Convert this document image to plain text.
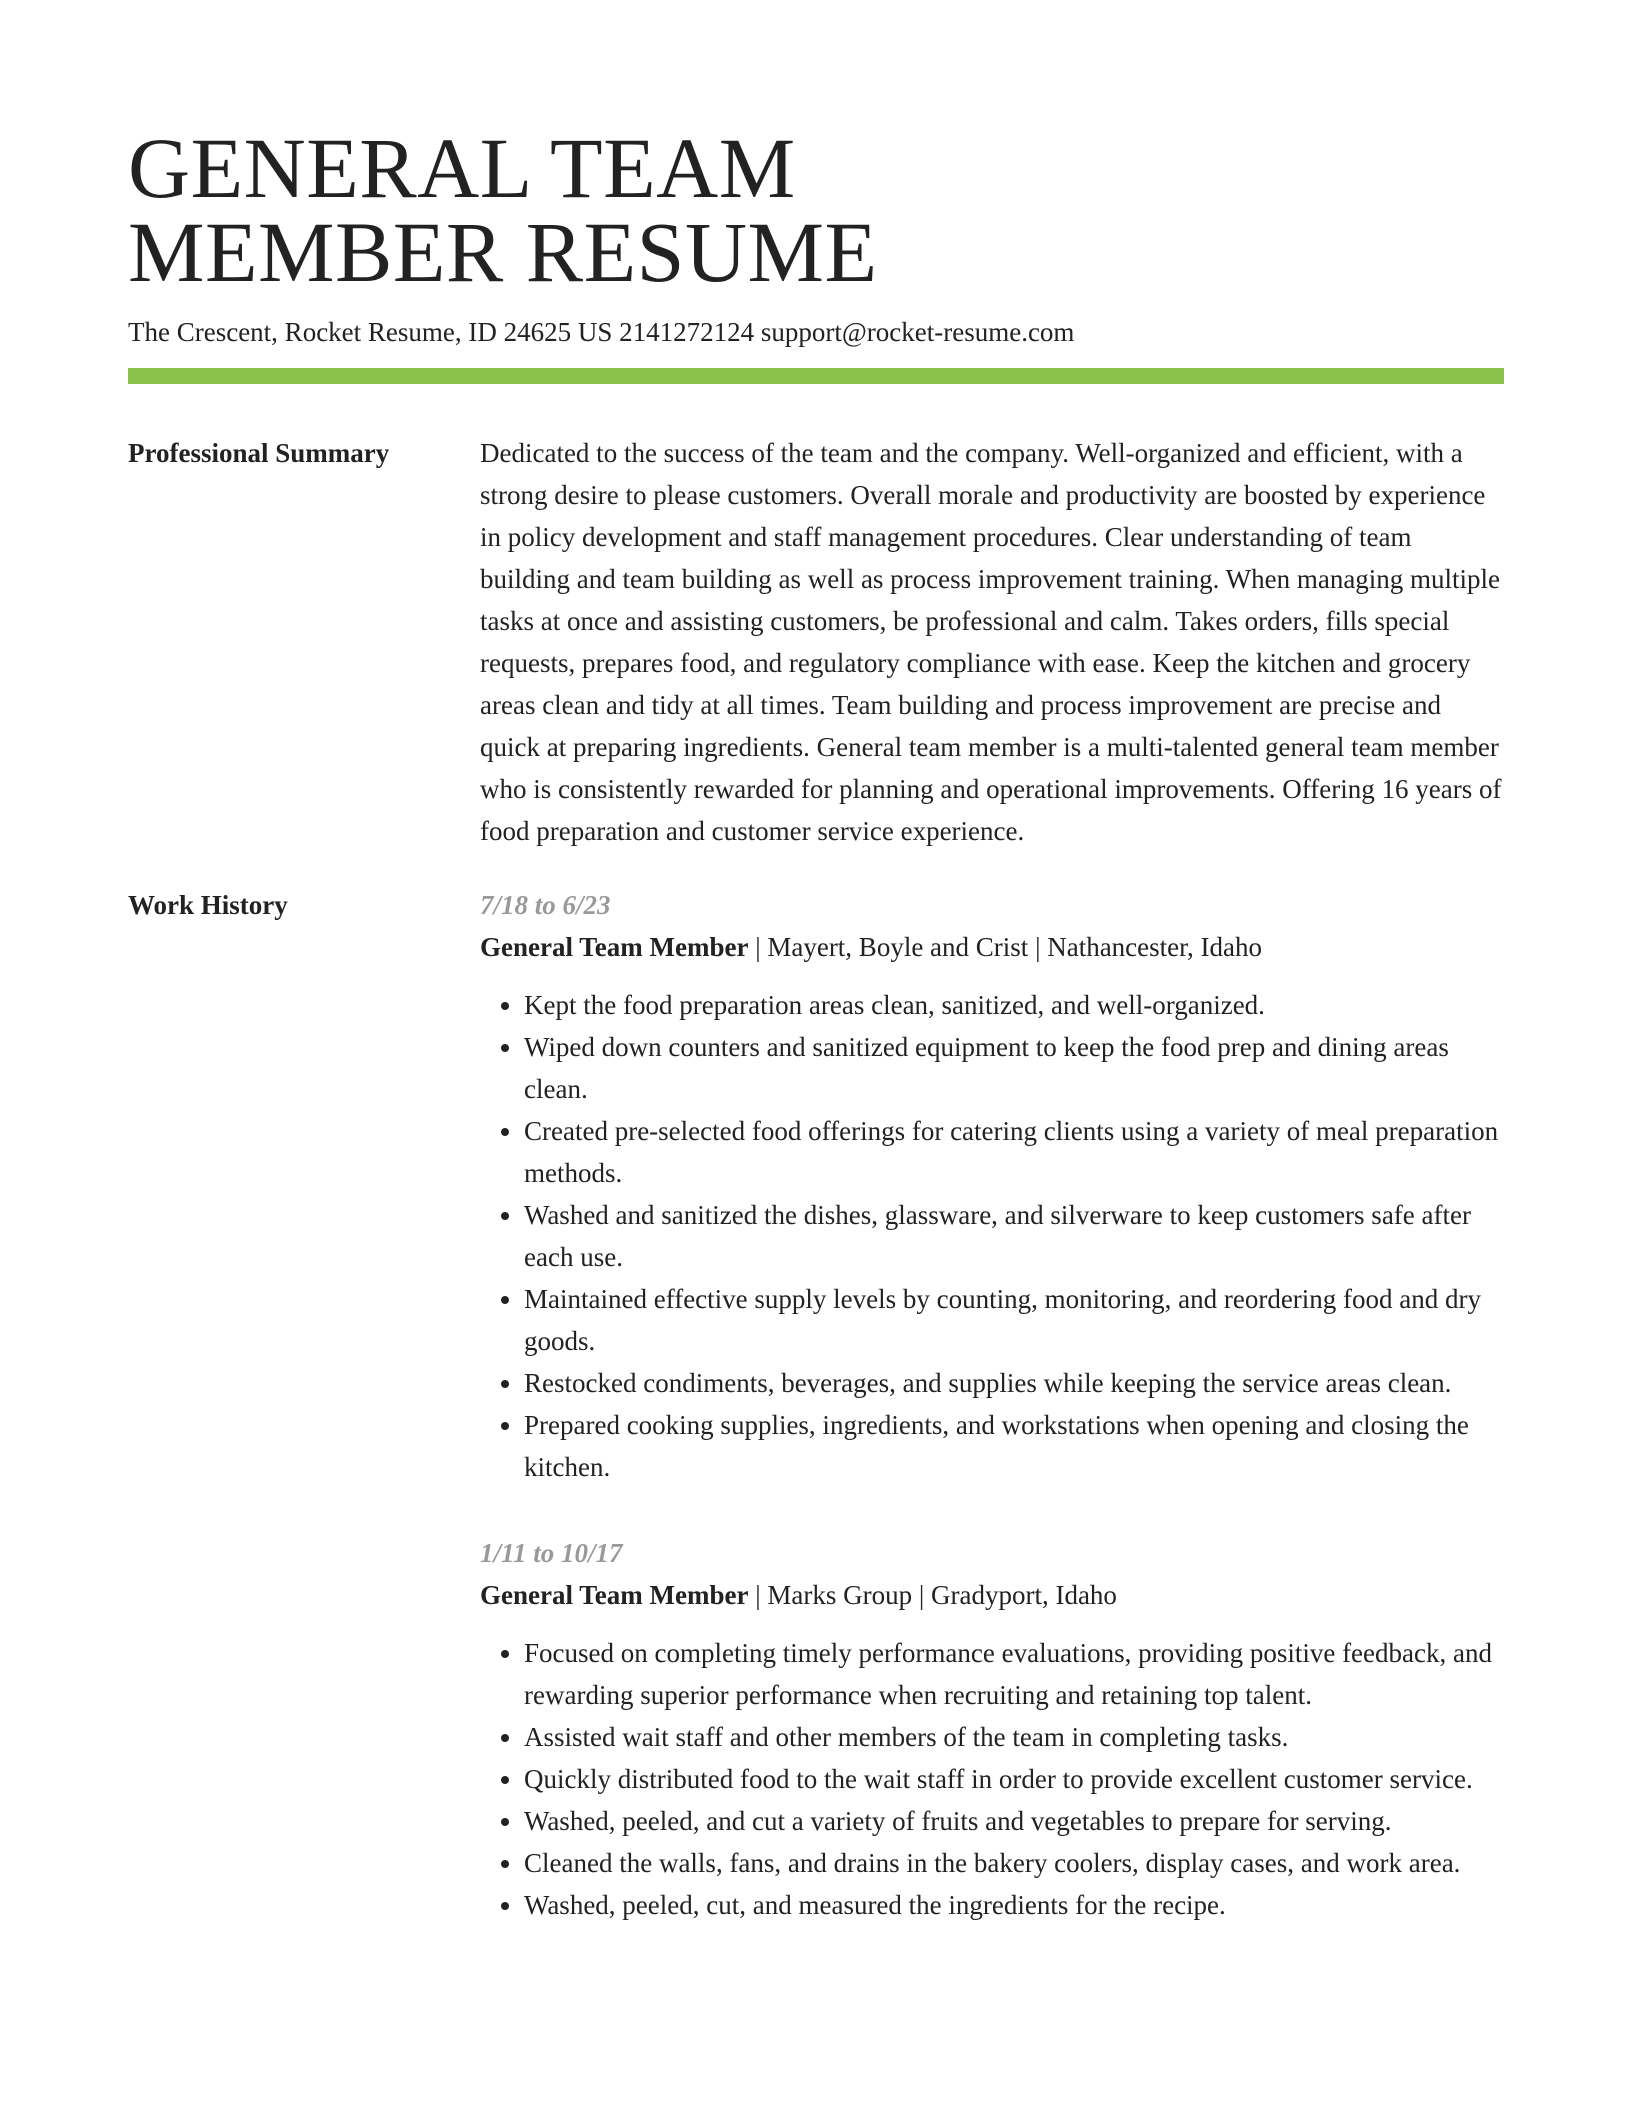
GENERAL TEAM
MEMBER RESUME
The Crescent, Rocket Resume, ID 24625 US 2141272124 support@rocket-resume.com
Professional Summary	Dedicated to the success of the team and the company. Well-organized and efficient, with a strong desire to please customers. Overall morale and productivity are boosted by experience in policy development and staff management procedures. Clear understanding of team building and team building as well as process improvement training. When managing multiple tasks at once and assisting customers, be professional and calm. Takes orders, fills special requests, prepares food, and regulatory compliance with ease. Keep the kitchen and grocery areas clean and tidy at all times. Team building and process improvement are precise and quick at preparing ingredients. General team member is a multi-talented general team member who is consistently rewarded for planning and operational improvements. Offering 16 years of food preparation and customer service experience.

Work History	7/18 to 6/23

General Team Member | Mayert, Boyle and Crist | Nathancester, Idaho

• Kept the food preparation areas clean, sanitized, and well-organized.
• Wiped down counters and sanitized equipment to keep the food prep and dining areas clean.
• Created pre-selected food offerings for catering clients using a variety of meal preparation methods.
• Washed and sanitized the dishes, glassware, and silverware to keep customers safe after each use.
• Maintained effective supply levels by counting, monitoring, and reordering food and dry goods.
• Restocked condiments, beverages, and supplies while keeping the service areas clean.
• Prepared cooking supplies, ingredients, and workstations when opening and closing the kitchen.

1/11 to 10/17

General Team Member | Marks Group | Gradyport, Idaho

• Focused on completing timely performance evaluations, providing positive feedback, and rewarding superior performance when recruiting and retaining top talent.
• Assisted wait staff and other members of the team in completing tasks.
• Quickly distributed food to the wait staff in order to provide excellent customer service.
• Washed, peeled, and cut a variety of fruits and vegetables to prepare for serving.
• Cleaned the walls, fans, and drains in the bakery coolers, display cases, and work area.
• Washed, peeled, cut, and measured the ingredients for the recipe.
